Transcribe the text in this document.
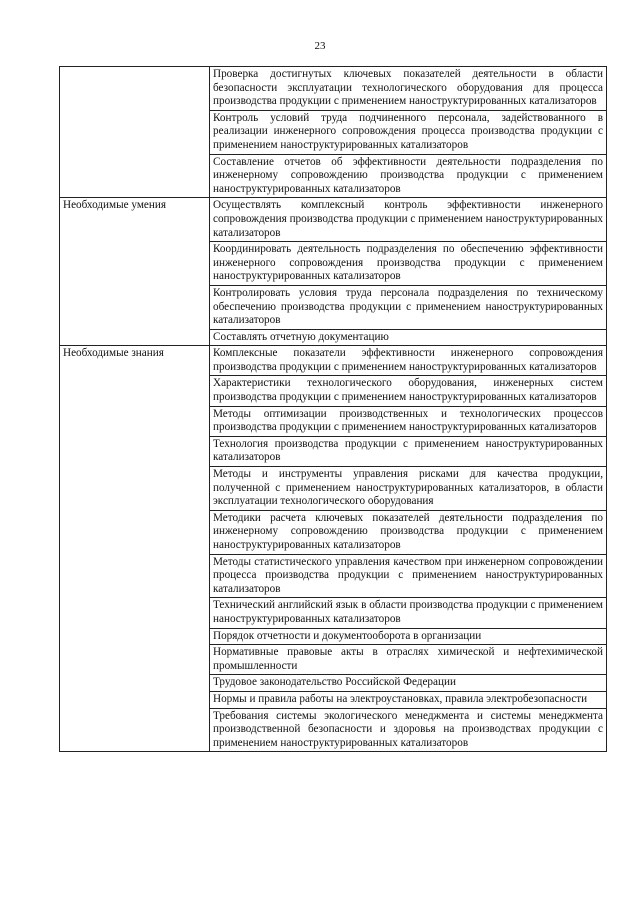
23
	Проверка достигнутых ключевых показателей деятельности в области безопасности эксплуатации технологического оборудования для процесса производства продукции с применением наноструктурированных катализаторов
	Контроль условий труда подчиненного персонала, задействованного в реализации инженерного сопровождения процесса производства продукции с применением наноструктурированных катализаторов
	Составление отчетов об эффективности деятельности подразделения по инженерному сопровождению производства продукции с применением наноструктурированных катализаторов

Необходимые умения	Осуществлять комплексный контроль эффективности инженерного сопровождения производства продукции с применением наноструктурированных катализаторов
	Координировать деятельность подразделения по обеспечению эффективности инженерного сопровождения производства продукции с применением наноструктурированных катализаторов
	Контролировать условия труда персонала подразделения по техническому обеспечению производства продукции с применением наноструктурированных катализаторов
	Составлять отчетную документацию

Необходимые знания	Комплексные показатели эффективности инженерного сопровождения производства продукции с применением наноструктурированных катализаторов
	Характеристики технологического оборудования, инженерных систем производства продукции с применением наноструктурированных катализаторов
	Методы оптимизации производственных и технологических процессов производства продукции с применением наноструктурированных катализаторов
	Технология производства продукции с применением наноструктурированных катализаторов
	Методы и инструменты управления рисками для качества продукции, полученной с применением наноструктурированных катализаторов, в области эксплуатации технологического оборудования
	Методики расчета ключевых показателей деятельности подразделения по инженерному сопровождению производства продукции с применением наноструктурированных катализаторов
	Методы статистического управления качеством при инженерном сопровождении процесса производства продукции с применением наноструктурированных катализаторов
	Технический английский язык в области производства продукции с применением наноструктурированных катализаторов
	Порядок отчетности и документооборота в организации
	Нормативные правовые акты в отраслях химической и нефтехимической промышленности
	Трудовое законодательство Российской Федерации
	Нормы и правила работы на электроустановках, правила электробезопасности
	Требования системы экологического менеджмента и системы менеджмента производственной безопасности и здоровья на производствах продукции с применением наноструктурированных катализаторов
